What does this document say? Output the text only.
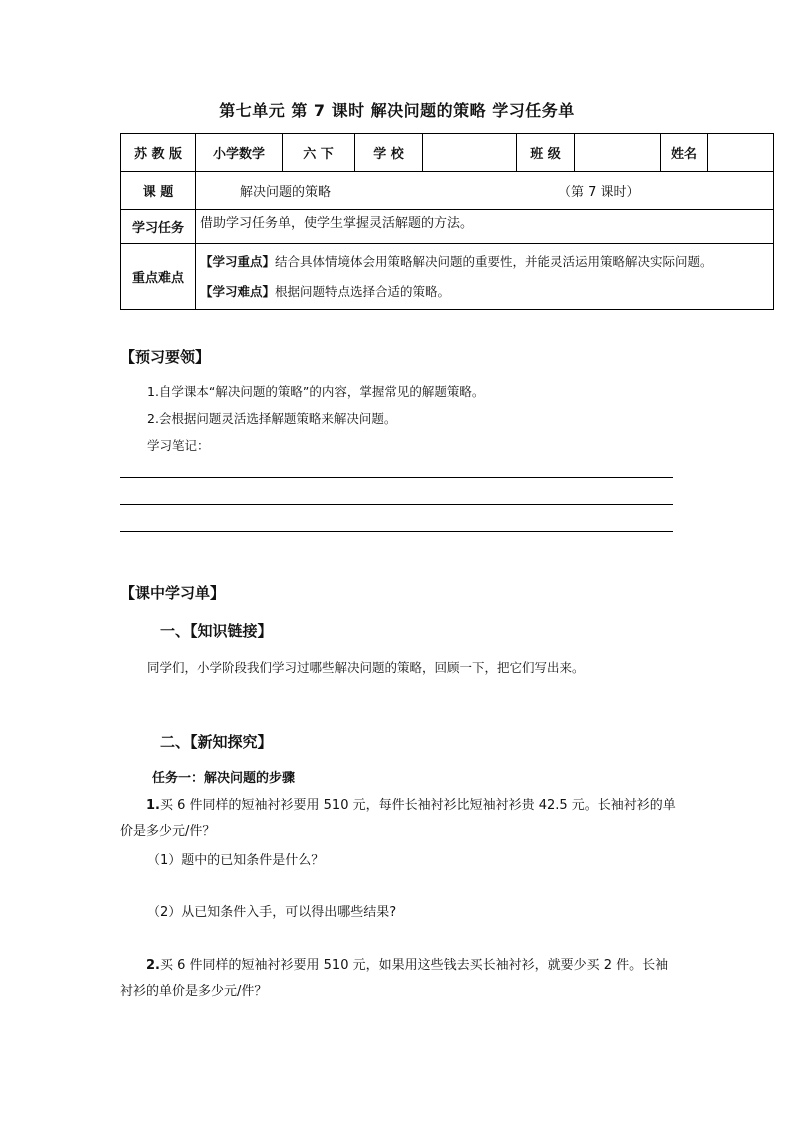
第七单元 第 7 课时 解决问题的策略 学习任务单
苏 教 版	小学数学	六 下	学 校		班 级		姓名	
课 题	解决问题的策略 （第 7 课时）							
学习任务	借助学习任务单，使学生掌握灵活解题的方法。							
重点难点	【学习重点】结合具体情境体会用策略解决问题的重要性，并能灵活运用策略解决实际问题。
【学习难点】根据问题特点选择合适的策略。							
【预习要领】
1.自学课本“解决问题的策略”的内容，掌握常见的解题策略。
2.会根据问题灵活选择解题策略来解决问题。
学习笔记：
【课中学习单】
一、【知识链接】
同学们，小学阶段我们学习过哪些解决问题的策略，回顾一下，把它们写出来。
二、【新知探究】
任务一：解决问题的步骤
1.买 6 件同样的短袖衬衫要用 510 元，每件长袖衬衫比短袖衬衫贵 42.5 元。长袖衬衫的单价是多少元/件？
（1）题中的已知条件是什么？
（2）从已知条件入手，可以得出哪些结果?
2.买 6 件同样的短袖衬衫要用 510 元，如果用这些钱去买长袖衬衫，就要少买 2 件。长袖衬衫的单价是多少元/件？
